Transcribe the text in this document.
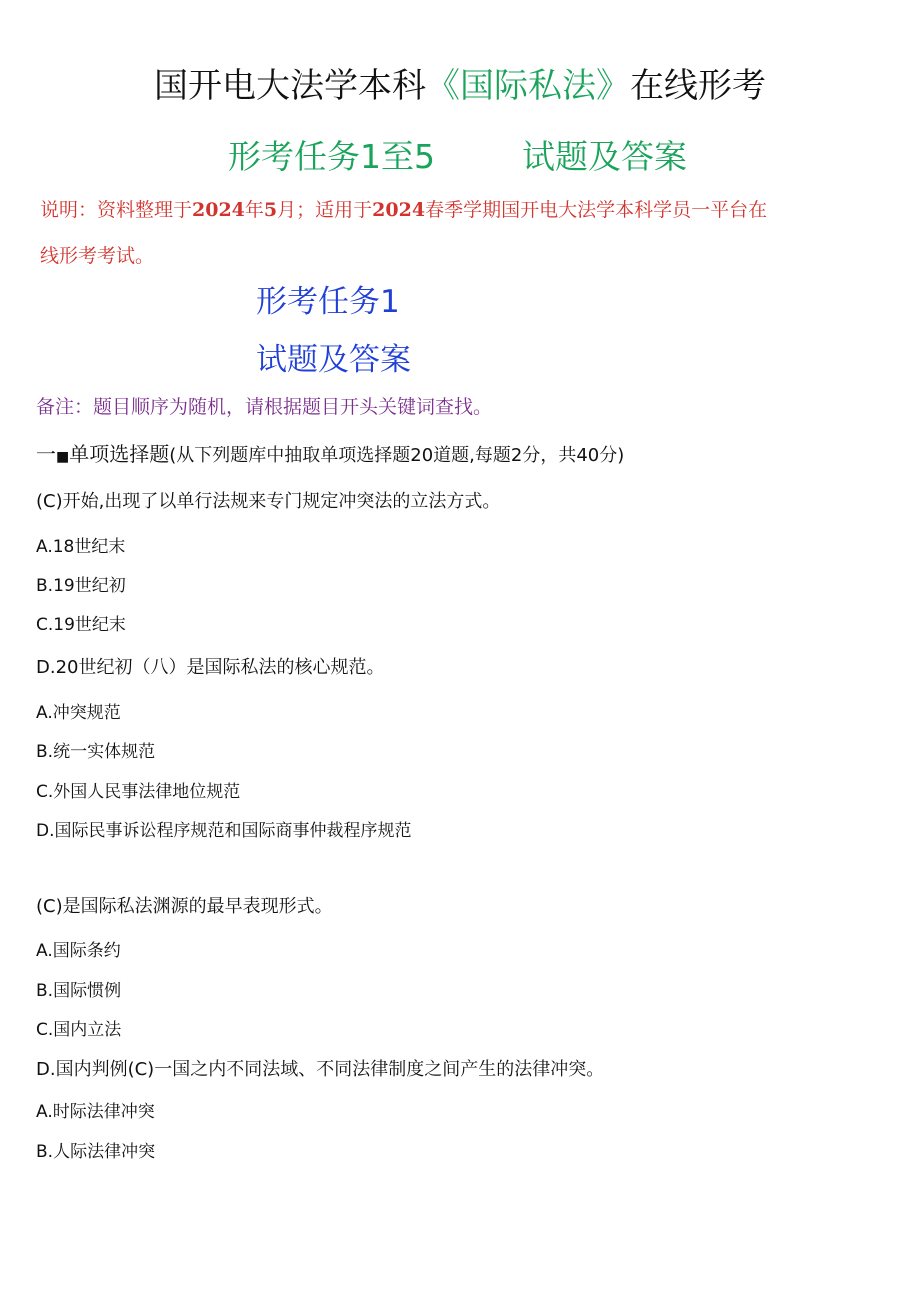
国开电大法学本科《国际私法》在线形考
形考任务1至5	试题及答案
说明：资料整理于2024年5月；适用于2024春季学期国开电大法学本科学员一平台在
线形考考试。
形考任务1
试题及答案
备注：题目顺序为随机，请根据题目开头关键词查找。
一■单项选择题(从下列题库中抽取单项选择题20道题,每题2分，共40分)
(C)开始,出现了以单行法规来专门规定冲突法的立法方式。
A.18世纪末
B.19世纪初
C.19世纪末
D.20世纪初（八）是国际私法的核心规范。
A.冲突规范
B.统一实体规范
C.外国人民事法律地位规范
D.国际民事诉讼程序规范和国际商事仲裁程序规范
(C)是国际私法渊源的最早表现形式。
A.国际条约
B.国际惯例
C.国内立法
D.国内判例(C)一国之内不同法域、不同法律制度之间产生的法律冲突。
A.时际法律冲突
B.人际法律冲突
